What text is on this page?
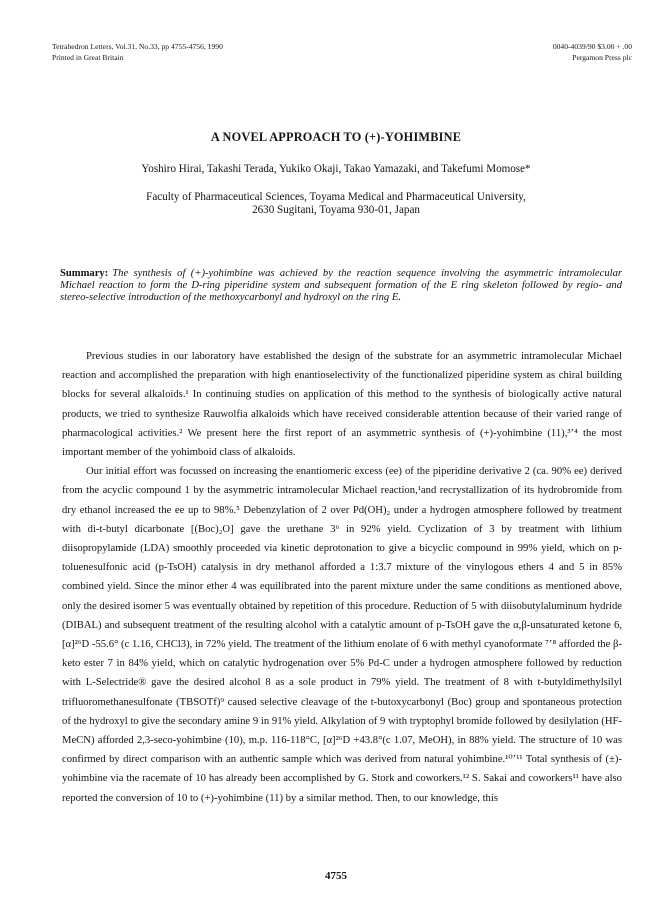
Tetrahedron Letters, Vol.31, No.33, pp 4755-4756, 1990
Printed in Great Britain
0040-4039/90 $3.00 + .00
Pergamon Press plc
A NOVEL APPROACH TO (+)-YOHIMBINE
Yoshiro Hirai, Takashi Terada, Yukiko Okaji, Takao Yamazaki, and Takefumi Momose*
Faculty of Pharmaceutical Sciences, Toyama Medical and Pharmaceutical University,
2630 Sugitani, Toyama 930-01, Japan
Summary: The synthesis of (+)-yohimbine was achieved by the reaction sequence involving the asymmetric intramolecular Michael reaction to form the D-ring piperidine system and subsequent formation of the E ring skeleton followed by regio- and stereo-selective introduction of the methoxycarbonyl and hydroxyl on the ring E.

Previous studies in our laboratory have established the design of the substrate for an asymmetric intramolecular Michael reaction and accomplished the preparation with high enantioselectivity of the functionalized piperidine system as chiral building blocks for several alkaloids.¹ In continuing studies on application of this method to the synthesis of biologically active natural products, we tried to synthesize Rauwolfia alkaloids which have received considerable attention because of their varied range of pharmacological activities.² We present here the first report of an asymmetric synthesis of (+)-yohimbine (11),³ʼ⁴ the most important member of the yohimboid class of alkaloids.

Our initial effort was focussed on increasing the enantiomeric excess (ee) of the piperidine derivative 2 (ca. 90% ee) derived from the acyclic compound 1 by the asymmetric intramolecular Michael reaction,¹and recrystallization of its hydrobromide from dry ethanol increased the ee up to 98%.⁵ Debenzylation of 2 over Pd(OH)₂ under a hydrogen atmosphere followed by treatment with di-t-butyl dicarbonate [(Boc)₂O] gave the urethane 3⁶ in 92% yield. Cyclization of 3 by treatment with lithium diisopropylamide (LDA) smoothly proceeded via kinetic deprotonation to give a bicyclic compound in 99% yield, which on p-toluenesulfonic acid (p-TsOH) catalysis in dry methanol afforded a 1:3.7 mixture of the vinylogous ethers 4 and 5 in 85% combined yield. Since the minor ether 4 was equilibrated into the parent mixture under the same conditions as mentioned above, only the desired isomer 5 was eventually obtained by repetition of this procedure. Reduction of 5 with diisobutylaluminum hydride (DIBAL) and subsequent treatment of the resulting alcohol with a catalytic amount of p-TsOH gave the α,β-unsaturated ketone 6, [α]²⁶D -55.6° (c 1.16, CHCl3), in 72% yield. The treatment of the lithium enolate of 6 with methyl cyanoformate ⁷ʼ⁸ afforded the β-keto ester 7 in 84% yield, which on catalytic hydrogenation over 5% Pd-C under a hydrogen atmosphere followed by reduction with L-Selectride® gave the desired alcohol 8 as a sole product in 79% yield. The treatment of 8 with t-butyldimethylsilyl trifluoromethanesulfonate (TBSOTf)⁹ caused selective cleavage of the t-butoxycarbonyl (Boc) group and spontaneous protection of the hydroxyl to give the secondary amine 9 in 91% yield. Alkylation of 9 with tryptophyl bromide followed by desilylation (HF-MeCN) afforded 2,3-seco-yohimbine (10), m.p. 116-118°C, [α]²⁶D +43.8°(c 1.07, MeOH), in 88% yield. The structure of 10 was confirmed by direct comparison with an authentic sample which was derived from natural yohimbine.¹⁰ʼ¹¹ Total synthesis of (±)-yohimbine via the racemate of 10 has already been accomplished by G. Stork and coworkers.¹² S. Sakai and coworkers¹¹ have also reported the conversion of 10 to (+)-yohimbine (11) by a similar method. Then, to our knowledge, this

4755
